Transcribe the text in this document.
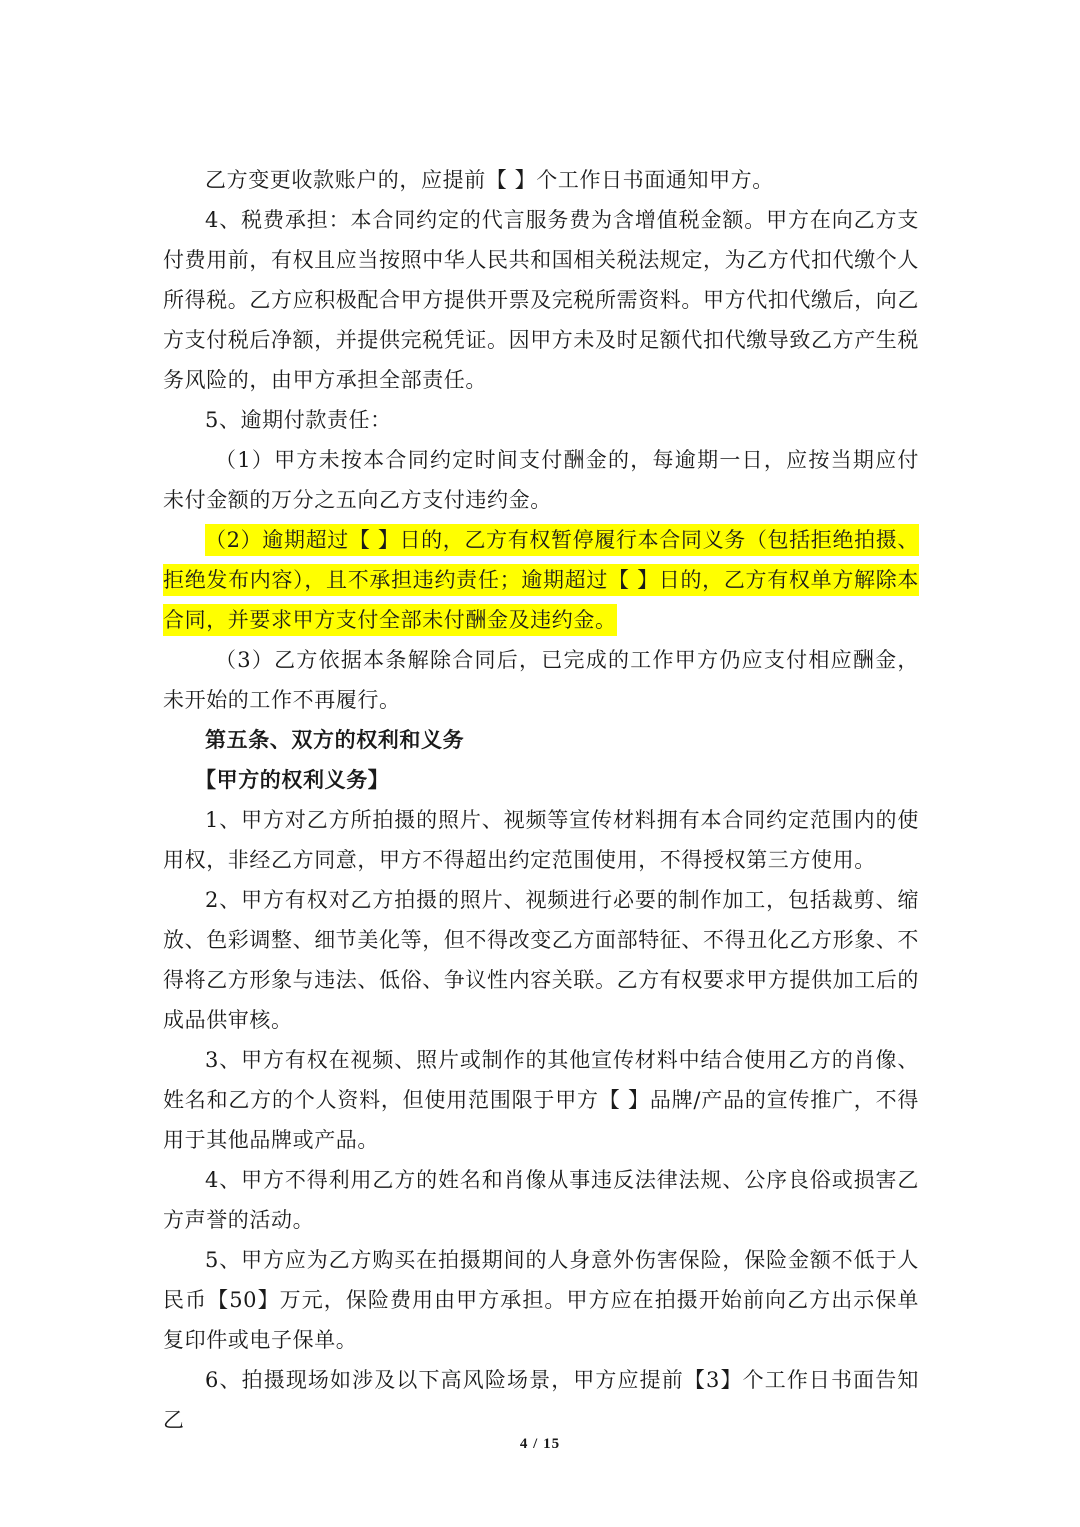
乙方变更收款账户的，应提前【 】个工作日书面通知甲方。

4、税费承担：本合同约定的代言服务费为含增值税金额。甲方在向乙方支付费用前，有权且应当按照中华人民共和国相关税法规定，为乙方代扣代缴个人所得税。乙方应积极配合甲方提供开票及完税所需资料。甲方代扣代缴后，向乙方支付税后净额，并提供完税凭证。因甲方未及时足额代扣代缴导致乙方产生税务风险的，由甲方承担全部责任。

5、逾期付款责任：

（1）甲方未按本合同约定时间支付酬金的，每逾期一日，应按当期应付未付金额的万分之五向乙方支付违约金。

（2）逾期超过【 】日的，乙方有权暂停履行本合同义务（包括拒绝拍摄、拒绝发布内容），且不承担违约责任；逾期超过【 】日的，乙方有权单方解除本合同，并要求甲方支付全部未付酬金及违约金。

（3）乙方依据本条解除合同后，已完成的工作甲方仍应支付相应酬金，未开始的工作不再履行。

第五条、双方的权利和义务

【甲方的权利义务】

1、甲方对乙方所拍摄的照片、视频等宣传材料拥有本合同约定范围内的使用权，非经乙方同意，甲方不得超出约定范围使用，不得授权第三方使用。

2、甲方有权对乙方拍摄的照片、视频进行必要的制作加工，包括裁剪、缩放、色彩调整、细节美化等，但不得改变乙方面部特征、不得丑化乙方形象、不得将乙方形象与违法、低俗、争议性内容关联。乙方有权要求甲方提供加工后的成品供审核。

3、甲方有权在视频、照片或制作的其他宣传材料中结合使用乙方的肖像、姓名和乙方的个人资料，但使用范围限于甲方【 】品牌/产品的宣传推广，不得用于其他品牌或产品。

4、甲方不得利用乙方的姓名和肖像从事违反法律法规、公序良俗或损害乙方声誉的活动。

5、甲方应为乙方购买在拍摄期间的人身意外伤害保险，保险金额不低于人民币【50】万元，保险费用由甲方承担。甲方应在拍摄开始前向乙方出示保单复印件或电子保单。

6、拍摄现场如涉及以下高风险场景，甲方应提前【3】个工作日书面告知乙

4 / 15
